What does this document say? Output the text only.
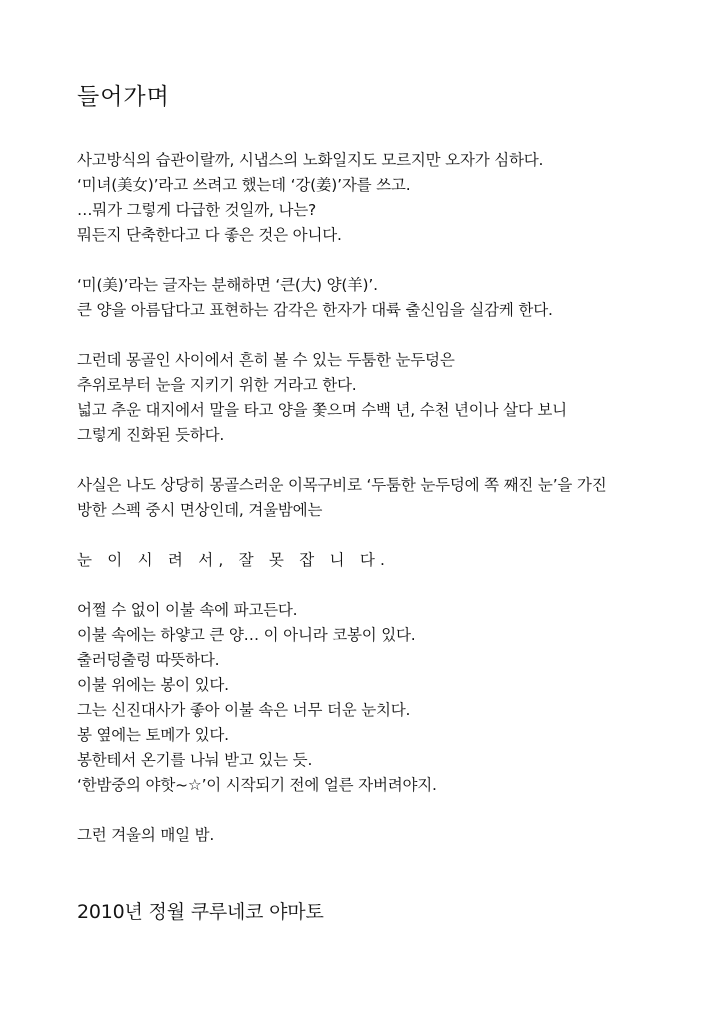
들어가며
사고방식의 습관이랄까, 시냅스의 노화일지도 모르지만 오자가 심하다.
‘미녀(美女)’라고 쓰려고 했는데 ‘강(姜)’자를 쓰고.
…뭐가 그렇게 다급한 것일까, 나는?
뭐든지 단축한다고 다 좋은 것은 아니다.
‘미(美)’라는 글자는 분해하면 ‘큰(大) 양(羊)’.
큰 양을 아름답다고 표현하는 감각은 한자가 대륙 출신임을 실감케 한다.
그런데 몽골인 사이에서 흔히 볼 수 있는 두툼한 눈두덩은
추위로부터 눈을 지키기 위한 거라고 한다.
넓고 추운 대지에서 말을 타고 양을 쫓으며 수백 년, 수천 년이나 살다 보니
그렇게 진화된 듯하다.
사실은 나도 상당히 몽골스러운 이목구비로 ‘두툼한 눈두덩에 쪽 째진 눈’을 가진
방한 스펙 중시 면상인데, 겨울밤에는
눈 이 시 려 서, 잘 못 잡 니 다.
어쩔 수 없이 이불 속에 파고든다.
이불 속에는 하얗고 큰 양… 이 아니라 코봉이 있다.
출러덩출렁 따뜻하다.
이불 위에는 봉이 있다.
그는 신진대사가 좋아 이불 속은 너무 더운 눈치다.
봉 옆에는 토메가 있다.
봉한테서 온기를 나눠 받고 있는 듯.
‘한밤중의 야핫~☆’이 시작되기 전에 얼른 자버려야지.
그런 겨울의 매일 밤.
2010년 정월 쿠루네코 야마토
